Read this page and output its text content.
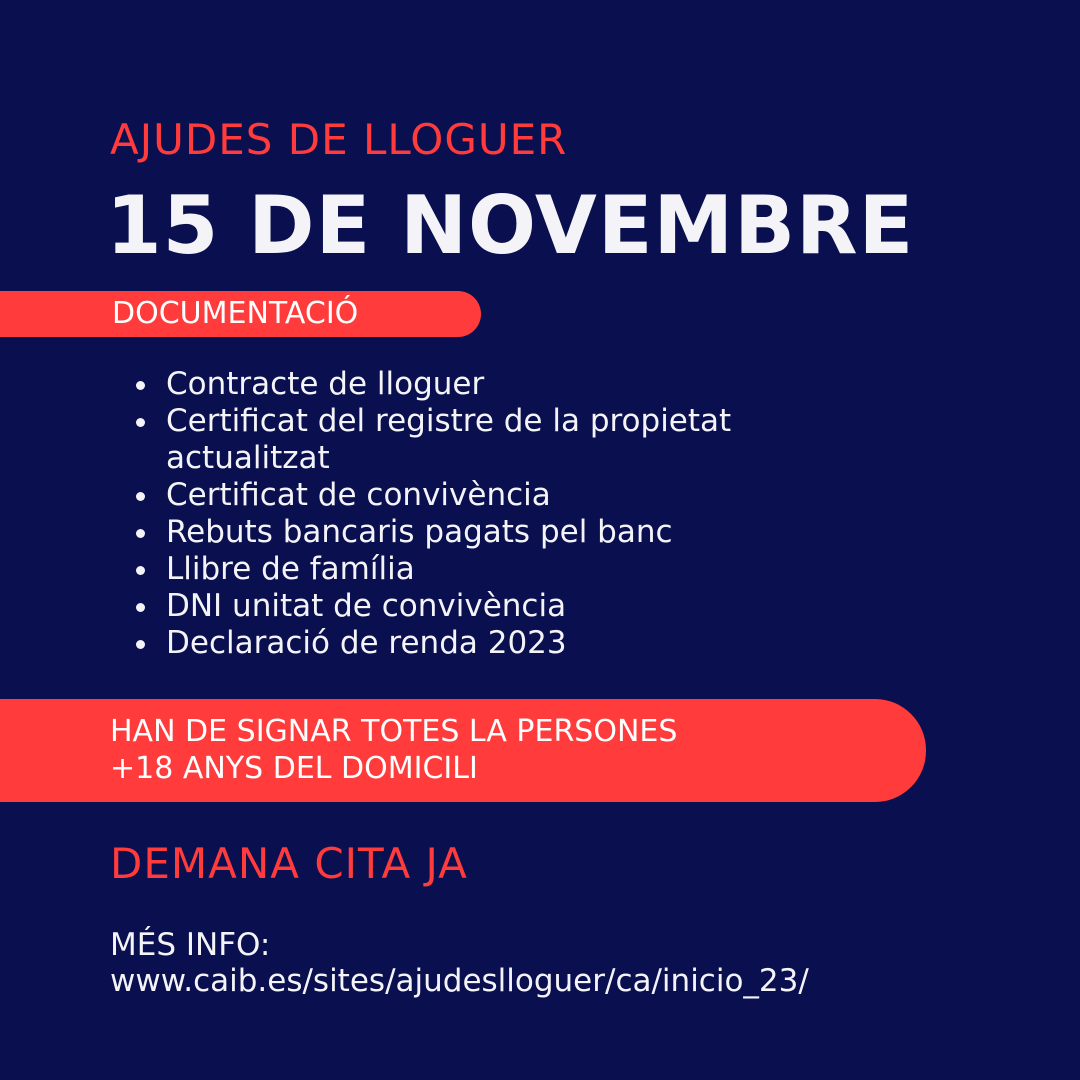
AJUDES DE LLOGUER
15 DE NOVEMBRE
DOCUMENTACIÓ
Contracte de lloguer
Certificat del registre de la propietat actualitzat
Certificat de convivència
Rebuts bancaris pagats pel banc
Llibre de família
DNI unitat de convivència
Declaració de renda 2023
HAN DE SIGNAR TOTES LA PERSONES
+18 ANYS DEL DOMICILI
DEMANA CITA JA
MÉS INFO:
www.caib.es/sites/ajudeslloguer/ca/inicio_23/
